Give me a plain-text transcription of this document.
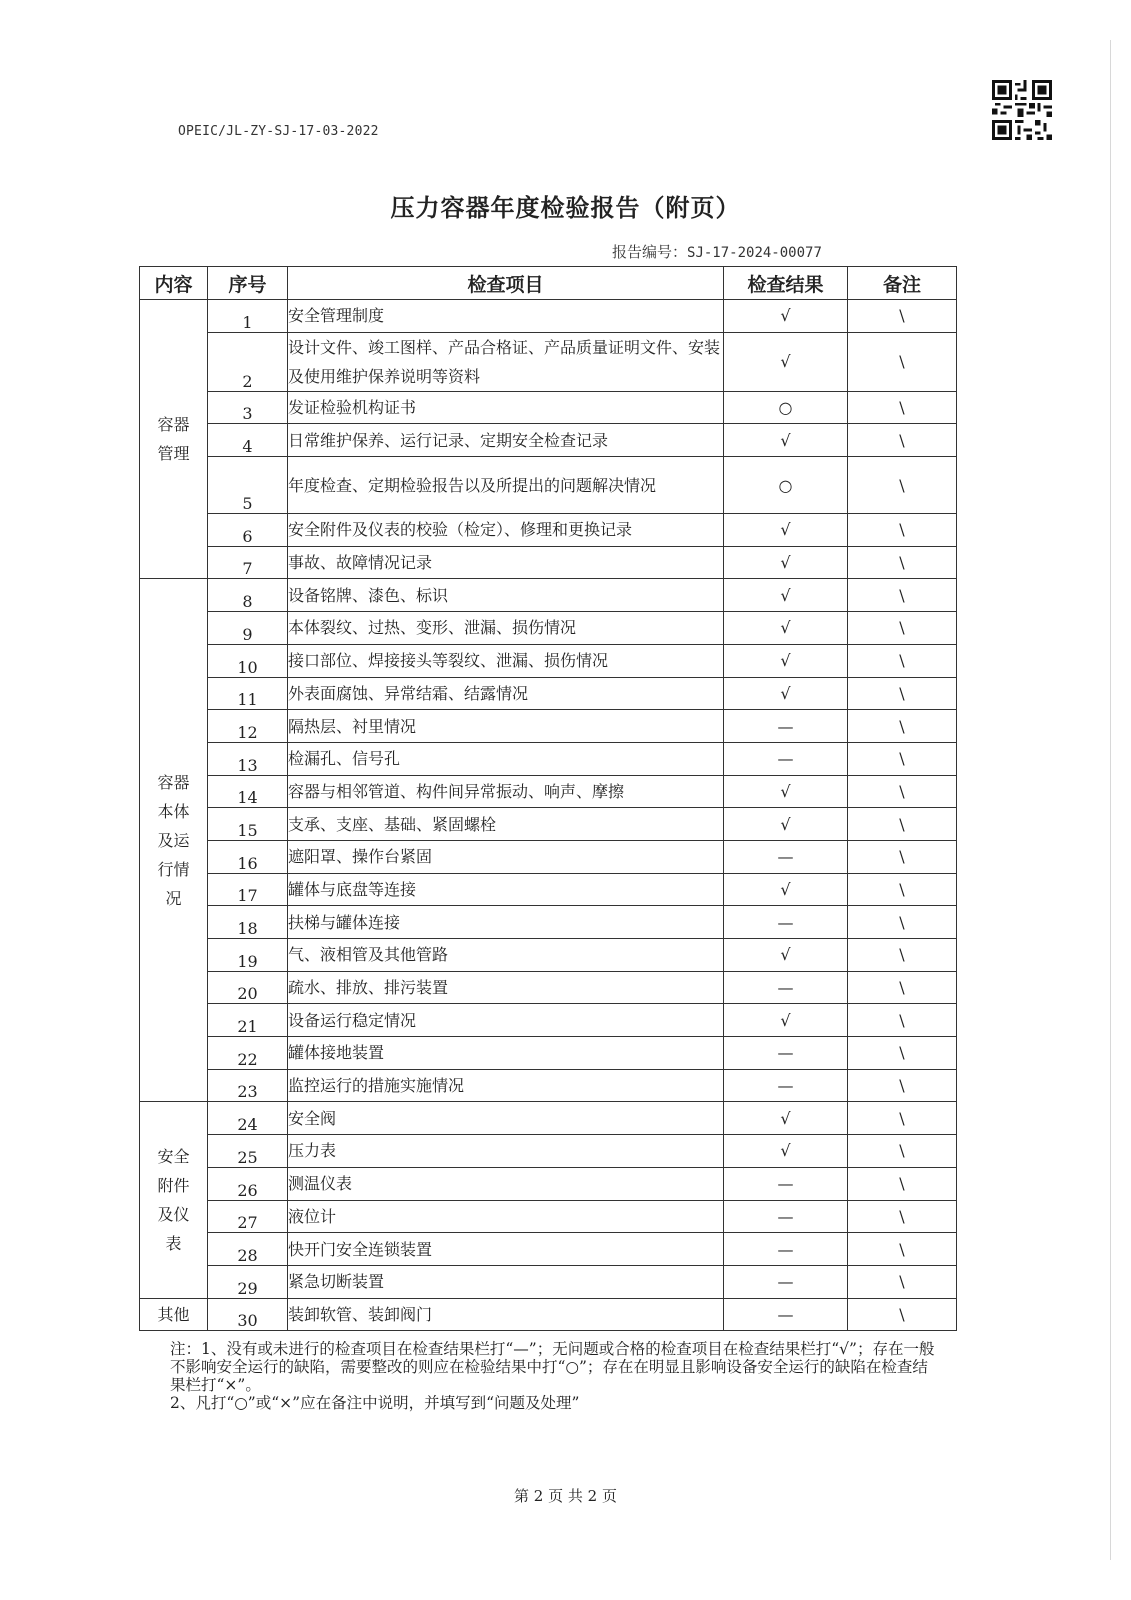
OPEIC/JL-ZY-SJ-17-03-2022
压力容器年度检验报告（附页）
报告编号：SJ-17-2024-00077
内容	序号	检查项目	检查结果	备注

容器
管理	1	安全管理制度	√	\
	2	设计文件、竣工图样、产品合格证、产品质量证明文件、安装及使用维护保养说明等资料	√	\
	3	发证检验机构证书	○	\
	4	日常维护保养、运行记录、定期安全检查记录	√	\
	5	年度检查、定期检验报告以及所提出的问题解决情况	○	\
	6	安全附件及仪表的校验（检定）、修理和更换记录	√	\
	7	事故、故障情况记录	√	\

容器
本体
及运
行情
况	8	设备铭牌、漆色、标识	√	\
	9	本体裂纹、过热、变形、泄漏、损伤情况	√	\
	10	接口部位、焊接接头等裂纹、泄漏、损伤情况	√	\
	11	外表面腐蚀、异常结霜、结露情况	√	\
	12	隔热层、衬里情况	—	\
	13	检漏孔、信号孔	—	\
	14	容器与相邻管道、构件间异常振动、响声、摩擦	√	\
	15	支承、支座、基础、紧固螺栓	√	\
	16	遮阳罩、操作台紧固	—	\
	17	罐体与底盘等连接	√	\
	18	扶梯与罐体连接	—	\
	19	气、液相管及其他管路	√	\
	20	疏水、排放、排污装置	—	\
	21	设备运行稳定情况	√	\
	22	罐体接地装置	—	\
	23	监控运行的措施实施情况	—	\

安全
附件
及仪
表	24	安全阀	√	\
	25	压力表	√	\
	26	测温仪表	—	\
	27	液位计	—	\
	28	快开门安全连锁装置	—	\
	29	紧急切断装置	—	\

其他	30	装卸软管、装卸阀门	—	\

注：1、没有或未进行的检查项目在检查结果栏打“—”；无问题或合格的检查项目在检查结果栏打“√”；存在一般不影响安全运行的缺陷，需要整改的则应在检验结果中打“○”；存在在明显且影响设备安全运行的缺陷在检查结果栏打“×”。

2、凡打“○”或“×”应在备注中说明，并填写到“问题及处理”

第 2 页 共 2 页
